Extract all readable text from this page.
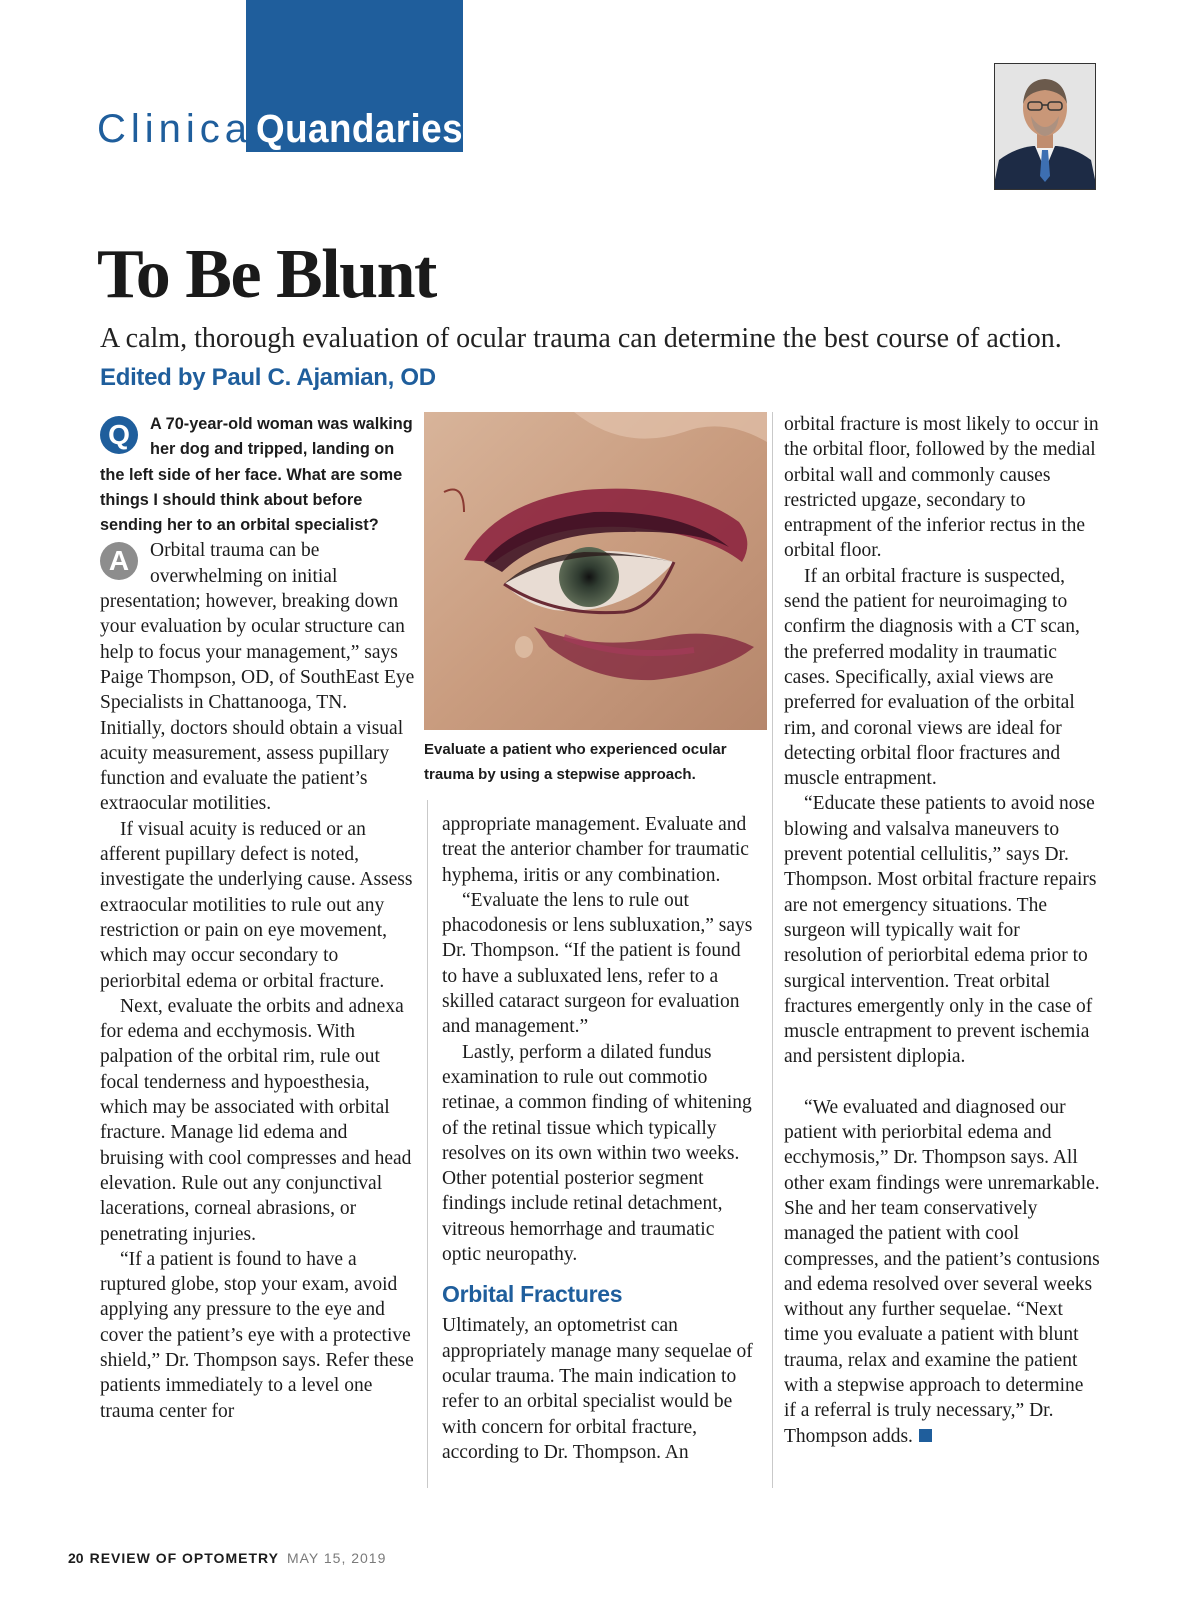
Clinical
Quandaries
To Be Blunt
A calm, thorough evaluation of ocular trauma can determine the best course of action. Edited by Paul C. Ajamian, OD
Q	A 70-year-old woman was walking her dog and tripped, landing on the left side of her face. What are some things I should think about before sending her to an orbital specialist?

A	Orbital trauma can be overwhelming on initial presentation; however, breaking down your evaluation by ocular structure can help to focus your management,” says Paige Thompson, OD, of SouthEast Eye Specialists in Chattanooga, TN. Initially, doctors should obtain a visual acuity measurement, assess pupillary function and evaluate the patient’s extraocular motilities.

If visual acuity is reduced or an afferent pupillary defect is noted, investigate the underlying cause. Assess extraocular motilities to rule out any restriction or pain on eye movement, which may occur secondary to periorbital edema or orbital fracture.

Next, evaluate the orbits and adnexa for edema and ecchymosis. With palpation of the orbital rim, rule out focal tenderness and hypoesthesia, which may be associated with orbital fracture. Manage lid edema and bruising with cool compresses and head elevation. Rule out any conjunctival lacerations, corneal abrasions, or penetrating injuries.

“If a patient is found to have a ruptured globe, stop your exam, avoid applying any pressure to the eye and cover the patient’s eye with a protective shield,” Dr. Thompson says. Refer these patients immediately to a level one trauma center for

Evaluate a patient who experienced ocular trauma by using a stepwise approach.

appropriate management. Evaluate and treat the anterior chamber for traumatic hyphema, iritis or any combination.

“Evaluate the lens to rule out phacodonesis or lens subluxation,” says Dr. Thompson. “If the patient is found to have a subluxated lens, refer to a skilled cataract surgeon for evaluation and management.”

Lastly, perform a dilated fundus examination to rule out commotio retinae, a common finding of whitening of the retinal tissue which typically resolves on its own within two weeks. Other potential posterior segment findings include retinal detachment, vitreous hemorrhage and traumatic optic neuropathy.

Orbital Fractures

Ultimately, an optometrist can appropriately manage many sequelae of ocular trauma. The main indication to refer to an orbital specialist would be with concern for orbital fracture, according to Dr. Thompson. An

orbital fracture is most likely to occur in the orbital floor, followed by the medial orbital wall and commonly causes restricted upgaze, secondary to entrapment of the inferior rectus in the orbital floor.

If an orbital fracture is suspected, send the patient for neuroimaging to confirm the diagnosis with a CT scan, the preferred modality in traumatic cases. Specifically, axial views are preferred for evaluation of the orbital rim, and coronal views are ideal for detecting orbital floor fractures and muscle entrapment.

“Educate these patients to avoid nose blowing and valsalva maneuvers to prevent potential cellulitis,” says Dr. Thompson. Most orbital fracture repairs are not emergency situations. The surgeon will typically wait for resolution of periorbital edema prior to surgical intervention. Treat orbital fractures emergently only in the case of muscle entrapment to prevent ischemia and persistent diplopia.

“We evaluated and diagnosed our patient with periorbital edema and ecchymosis,” Dr. Thompson says. All other exam findings were unremarkable. She and her team conservatively managed the patient with cool compresses, and the patient’s contusions and edema resolved over several weeks without any further sequelae. “Next time you evaluate a patient with blunt trauma, relax and examine the patient with a stepwise approach to determine if a referral is truly necessary,” Dr. Thompson adds.

20 REVIEW OF OPTOMETRY MAY 15, 2019
